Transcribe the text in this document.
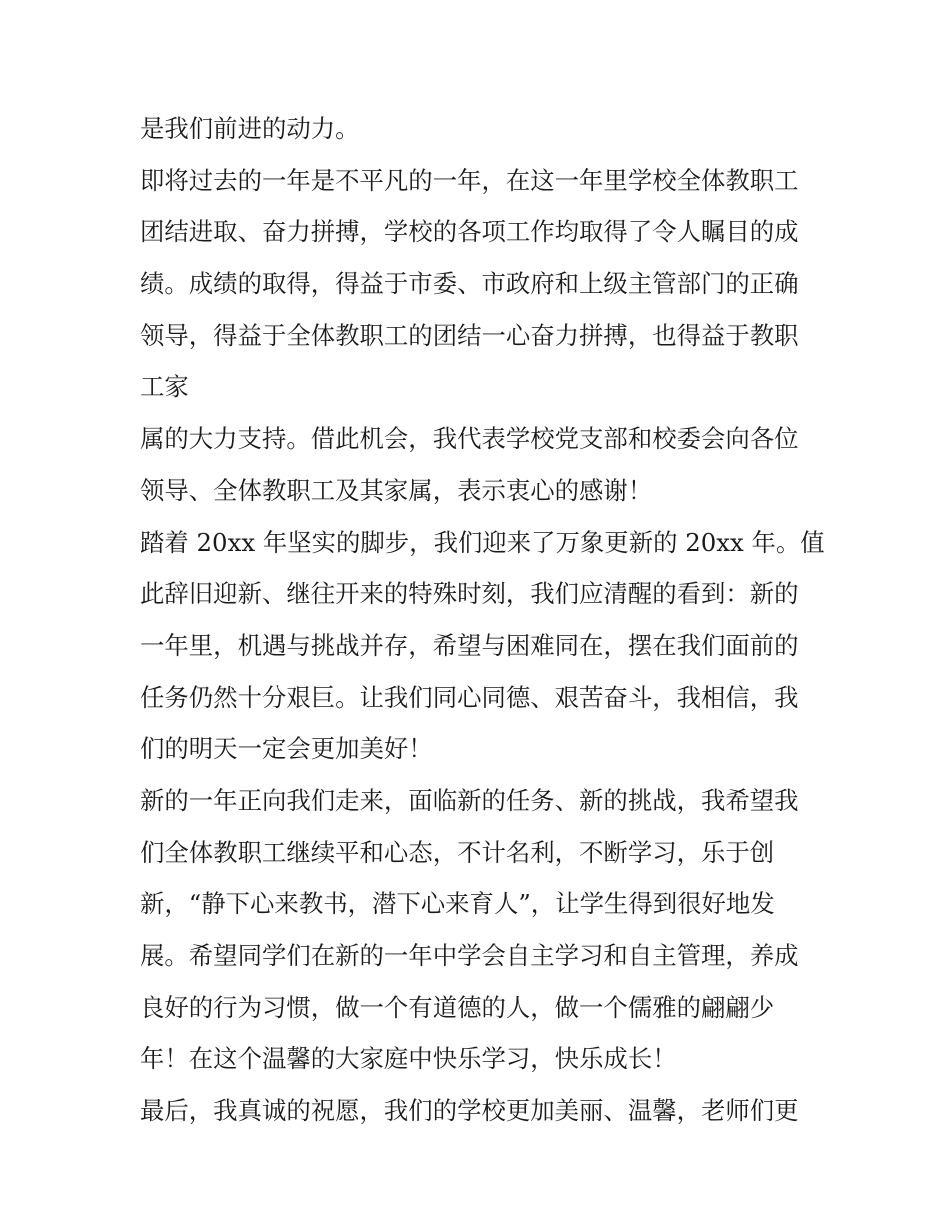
是我们前进的动力。
即将过去的一年是不平凡的一年，在这一年里学校全体教职工
团结进取、奋力拼搏，学校的各项工作均取得了令人瞩目的成
绩。成绩的取得，得益于市委、市政府和上级主管部门的正确
领导，得益于全体教职工的团结一心奋力拼搏，也得益于教职
工家
属的大力支持。借此机会，我代表学校党支部和校委会向各位
领导、全体教职工及其家属，表示衷心的感谢！
踏着 20xx 年坚实的脚步，我们迎来了万象更新的 20xx 年。值
此辞旧迎新、继往开来的特殊时刻，我们应清醒的看到：新的
一年里，机遇与挑战并存，希望与困难同在，摆在我们面前的
任务仍然十分艰巨。让我们同心同德、艰苦奋斗，我相信，我
们的明天一定会更加美好！
新的一年正向我们走来，面临新的任务、新的挑战，我希望我
们全体教职工继续平和心态，不计名利，不断学习，乐于创
新，“静下心来教书，潜下心来育人”，让学生得到很好地发
展。希望同学们在新的一年中学会自主学习和自主管理，养成
良好的行为习惯，做一个有道德的人，做一个儒雅的翩翩少
年！在这个温馨的大家庭中快乐学习，快乐成长！
最后，我真诚的祝愿，我们的学校更加美丽、温馨，老师们更
